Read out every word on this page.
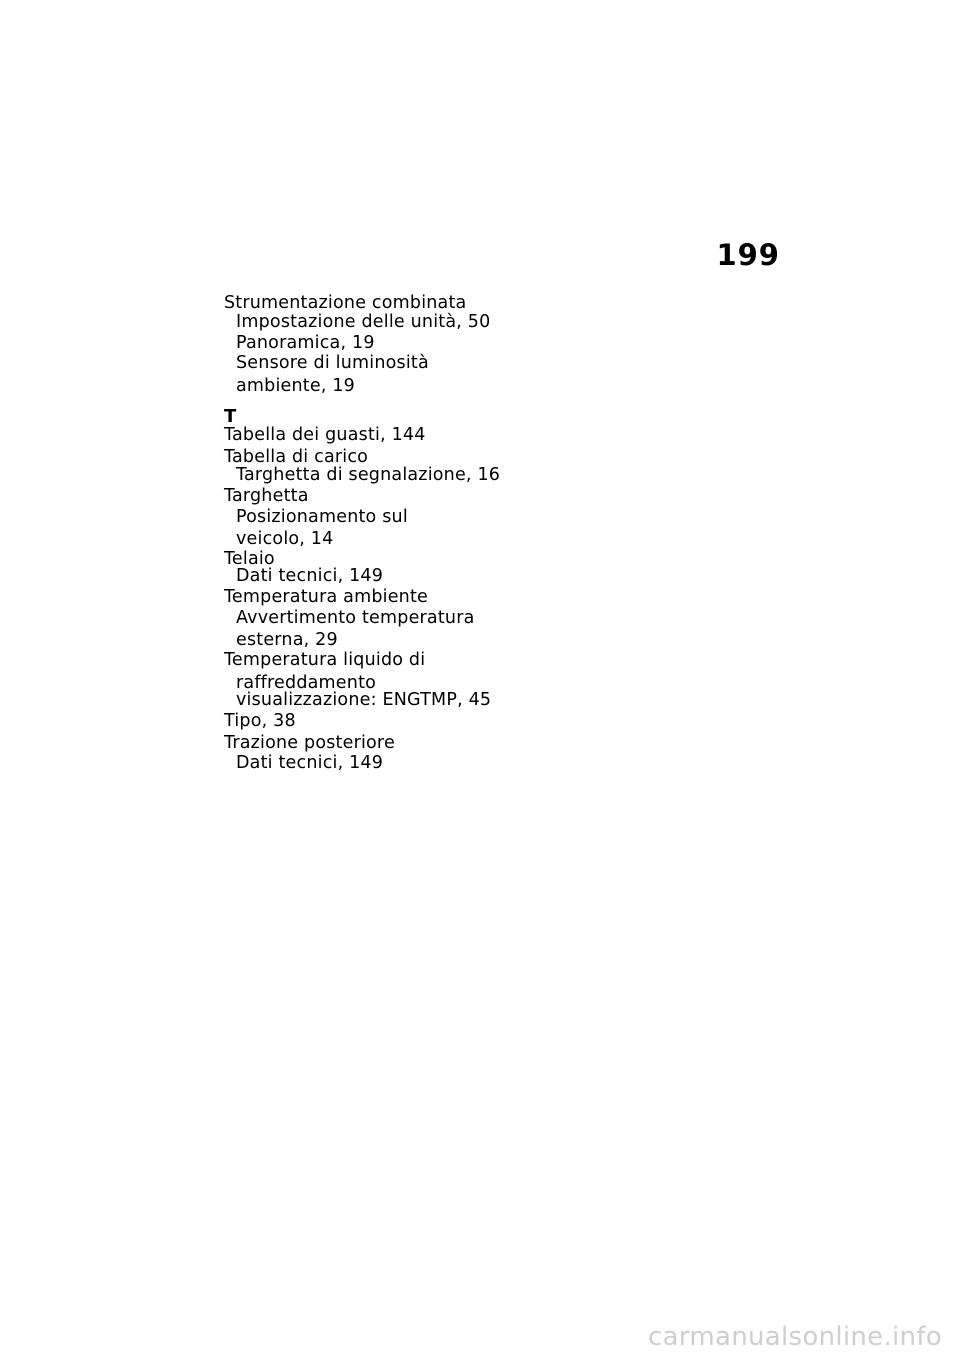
199
Strumentazione combinata
Impostazione delle unità, 50
Panoramica, 19
Sensore di luminosità
ambiente, 19
T
Tabella dei guasti, 144
Tabella di carico
Targhetta di segnalazione, 16
Targhetta
Posizionamento sul
veicolo, 14
Telaio
Dati tecnici, 149
Temperatura ambiente
Avvertimento temperatura
esterna, 29
Temperatura liquido di
raffreddamento
visualizzazione: ENGTMP, 45
Tipo, 38
Trazione posteriore
Dati tecnici, 149
carmanualsonline.info
